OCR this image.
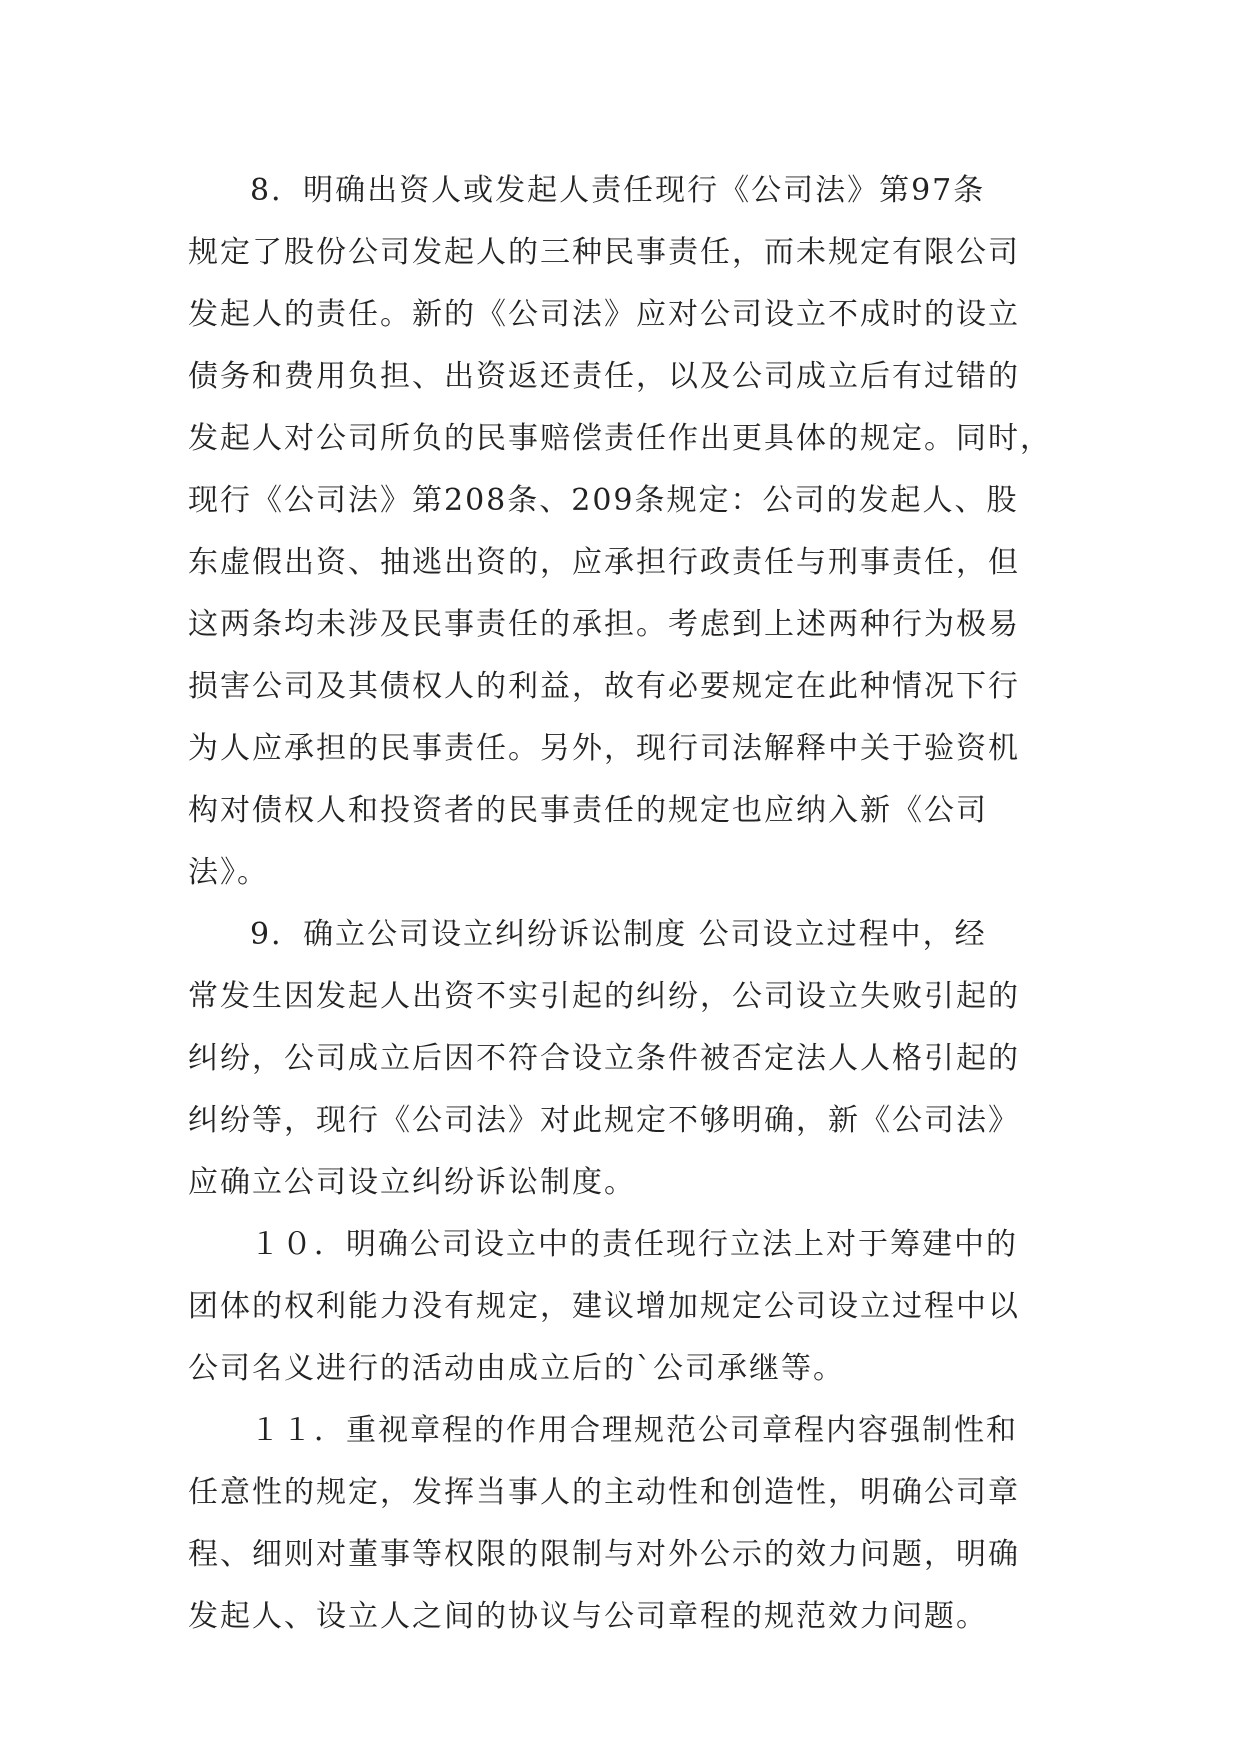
8．明确出资人或发起人责任现行《公司法》第97条
规定了股份公司发起人的三种民事责任，而未规定有限公司
发起人的责任。新的《公司法》应对公司设立不成时的设立
债务和费用负担、出资返还责任，以及公司成立后有过错的
发起人对公司所负的民事赔偿责任作出更具体的规定。同时，
现行《公司法》第208条、209条规定：公司的发起人、股
东虚假出资、抽逃出资的，应承担行政责任与刑事责任，但
这两条均未涉及民事责任的承担。考虑到上述两种行为极易
损害公司及其债权人的利益，故有必要规定在此种情况下行
为人应承担的民事责任。另外，现行司法解释中关于验资机
构对债权人和投资者的民事责任的规定也应纳入新《公司
法》。

9．确立公司设立纠纷诉讼制度 公司设立过程中，经
常发生因发起人出资不实引起的纠纷，公司设立失败引起的
纠纷，公司成立后因不符合设立条件被否定法人人格引起的
纠纷等，现行《公司法》对此规定不够明确，新《公司法》
应确立公司设立纠纷诉讼制度。

１０．明确公司设立中的责任现行立法上对于筹建中的
团体的权利能力没有规定，建议增加规定公司设立过程中以
公司名义进行的活动由成立后的`公司承继等。

１１．重视章程的作用合理规范公司章程内容强制性和
任意性的规定，发挥当事人的主动性和创造性，明确公司章
程、细则对董事等权限的限制与对外公示的效力问题，明确
发起人、设立人之间的协议与公司章程的规范效力问题。
